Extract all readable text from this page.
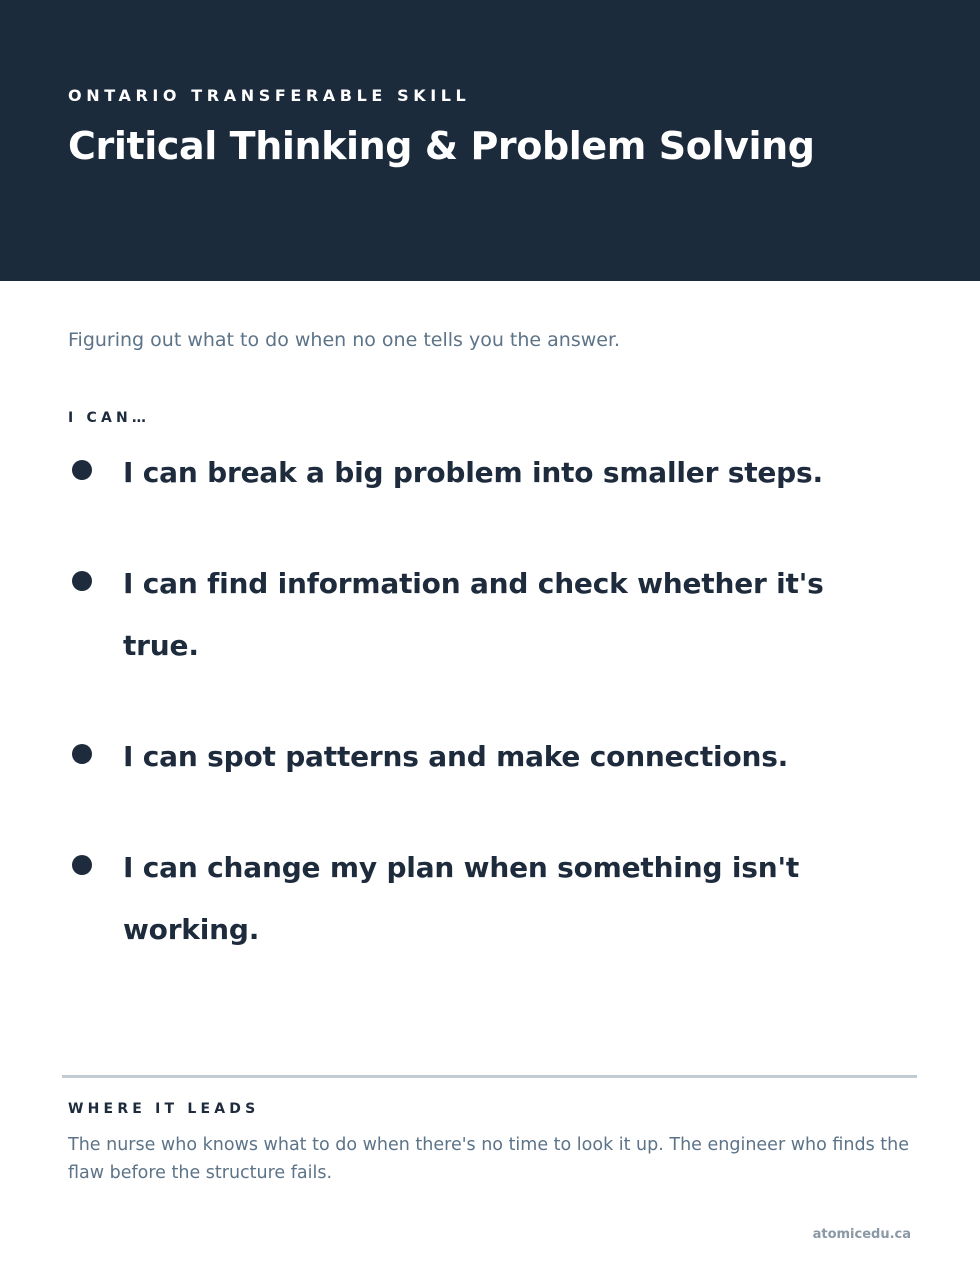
ONTARIO TRANSFERABLE SKILL
Critical Thinking & Problem Solving

Figuring out what to do when no one tells you the answer.

I CAN…
I can break a big problem into smaller steps.
I can find information and check whether it's true.
I can spot patterns and make connections.
I can change my plan when something isn't working.
WHERE IT LEADS

The nurse who knows what to do when there's no time to look it up. The engineer who finds the flaw before the structure fails.

atomicedu.ca
